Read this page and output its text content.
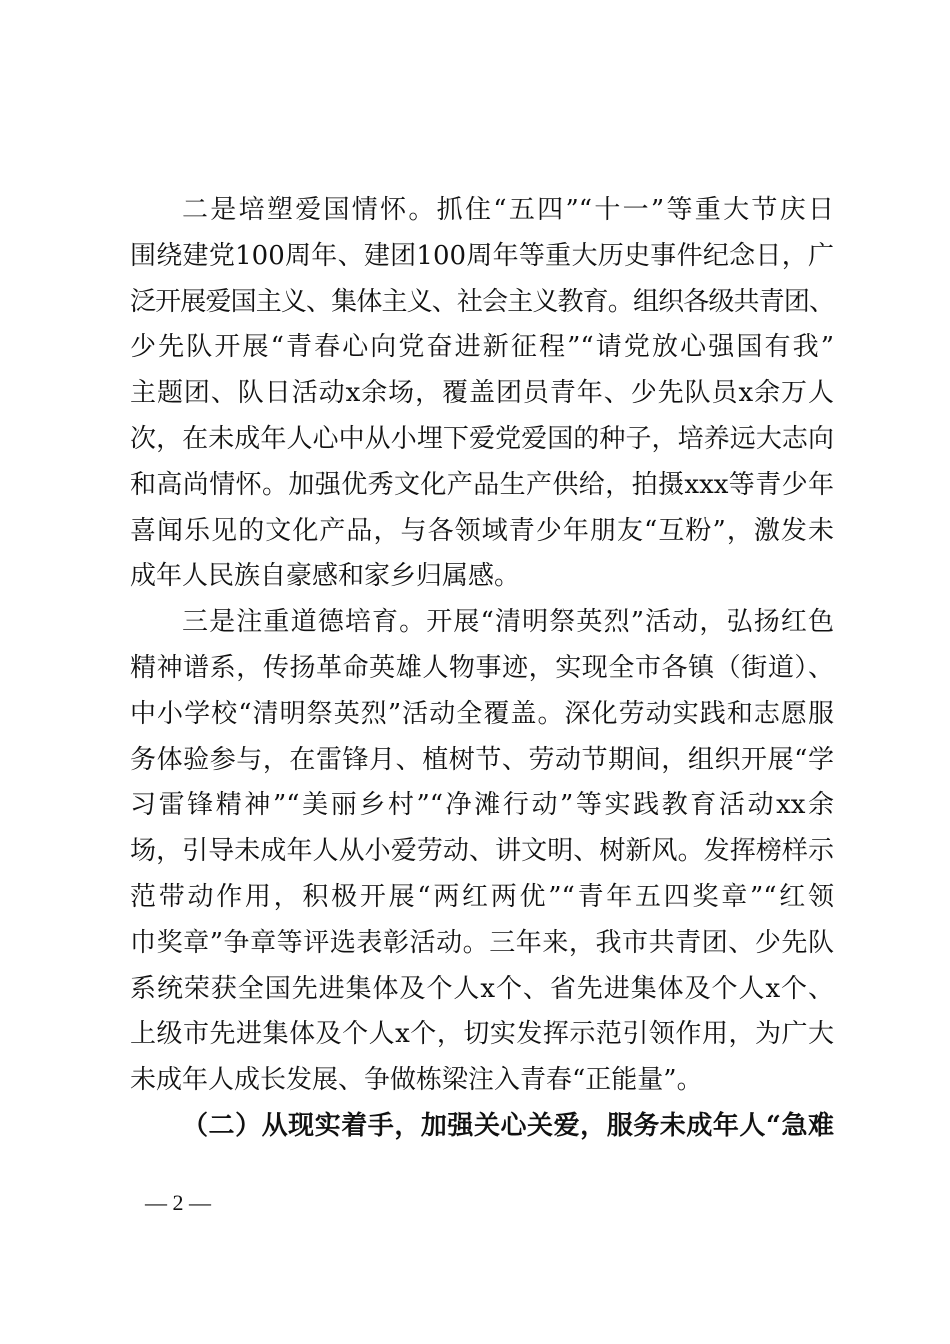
二是培塑爱国情怀。抓住“五四”“十一”等重大节庆日
围绕建党100周年、建团100周年等重大历史事件纪念日，广
泛开展爱国主义、集体主义、社会主义教育。组织各级共青团、
少先队开展“青春心向党奋进新征程”“请党放心强国有我”
主题团、队日活动x余场，覆盖团员青年、少先队员x余万人
次，在未成年人心中从小埋下爱党爱国的种子，培养远大志向
和高尚情怀。加强优秀文化产品生产供给，拍摄xxx等青少年
喜闻乐见的文化产品，与各领域青少年朋友“互粉”，激发未
成年人民族自豪感和家乡归属感。
三是注重道德培育。开展“清明祭英烈”活动，弘扬红色
精神谱系，传扬革命英雄人物事迹，实现全市各镇（街道）、
中小学校“清明祭英烈”活动全覆盖。深化劳动实践和志愿服
务体验参与，在雷锋月、植树节、劳动节期间，组织开展“学
习雷锋精神”“美丽乡村”“净滩行动”等实践教育活动xx余
场，引导未成年人从小爱劳动、讲文明、树新风。发挥榜样示
范带动作用，积极开展“两红两优”“青年五四奖章”“红领
巾奖章”争章等评选表彰活动。三年来，我市共青团、少先队
系统荣获全国先进集体及个人x个、省先进集体及个人x个、
上级市先进集体及个人x个，切实发挥示范引领作用，为广大
未成年人成长发展、争做栋梁注入青春“正能量”。
（二）从现实着手，加强关心关爱，服务未成年人“急难
— 2 —
